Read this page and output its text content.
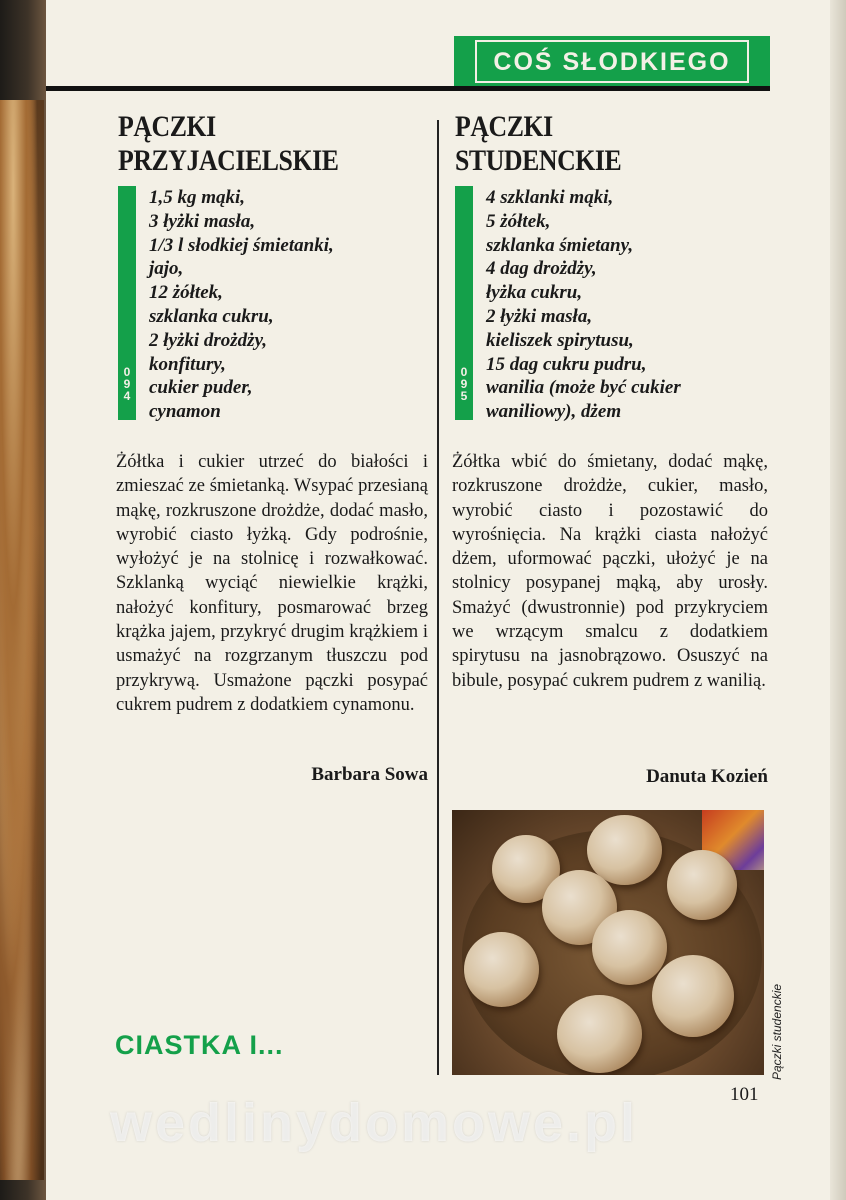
COŚ SŁODKIEGO
PĄCZKI
PRZYJACIELSKIE
0
9
4
1,5 kg mąki,
3 łyżki masła,
1/3 l słodkiej śmietanki,
jajo,
12 żółtek,
szklanka cukru,
2 łyżki drożdży,
konfitury,
cukier puder,
cynamon

Żółtka i cukier utrzeć do białości i zmieszać ze śmietanką. Wsypać przesianą mąkę, rozkruszone drożdże, dodać masło, wyrobić ciasto łyżką. Gdy podrośnie, wyłożyć je na stolnicę i rozwałkować. Szklanką wyciąć niewielkie krążki, nałożyć konfitury, posmarować brzeg krążka jajem, przykryć drugim krążkiem i usmażyć na rozgrzanym tłuszczu pod przykrywą. Usmażone pączki posypać cukrem pudrem z dodatkiem cynamonu.

Barbara Sowa
PĄCZKI
STUDENCKIE
0
9
5
4 szklanki mąki,
5 żółtek,
szklanka śmietany,
4 dag drożdży,
łyżka cukru,
2 łyżki masła,
kieliszek spirytusu,
15 dag cukru pudru,
wanilia (może być cukier
waniliowy), dżem

Żółtka wbić do śmietany, dodać mąkę, rozkruszone drożdże, cukier, masło, wyrobić ciasto i pozostawić do wyrośnięcia. Na krążki ciasta nałożyć dżem, uformować pączki, ułożyć je na stolnicy posypanej mąką, aby urosły. Smażyć (dwustronnie) pod przykryciem we wrzącym smalcu z dodatkiem spirytusu na jasnobrązowo. Osuszyć na bibule, posypać cukrem pudrem z wanilią.

Danuta Kozień
Pączki studenckie
CIASTKA I...
101
wedlinydomowe.pl
